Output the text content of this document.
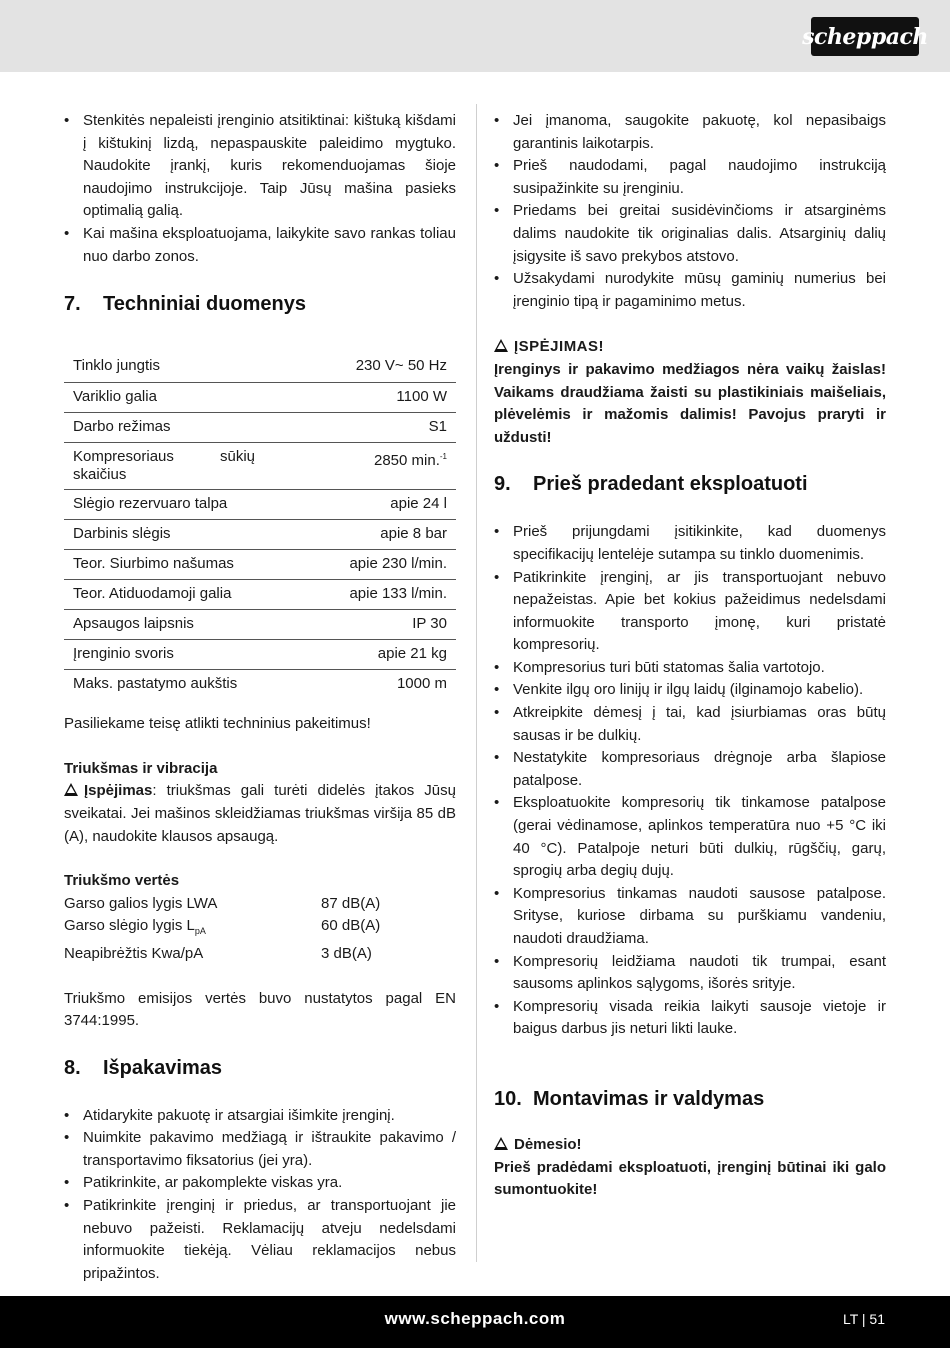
scheppach
• Stenkitės nepaleisti įrenginio atsitiktinai: kištuką kišdami į kištukinį lizdą, nepaspauskite paleidimo mygtuko. Naudokite įrankį, kuris rekomenduojamas šioje naudojimo instrukcijoje. Taip Jūsų mašina pasieks optimalią galią.
• Kai mašina eksploatuojama, laikykite savo rankas toliau nuo darbo zonos.
7.	Techniniai duomenys
Tinklo jungtis	230 V~ 50 Hz
Variklio galia	1100 W
Darbo režimas	S1
Kompresoriaus sūkių skaičius	2850 min.$^{-1}$
Slėgio rezervuaro talpa	apie 24 l
Darbinis slėgis	apie 8 bar
Teor. Siurbimo našumas	apie 230 l/min.
Teor. Atiduodamoji galia	apie 133 l/min.
Apsaugos laipsnis	IP 30
Įrenginio svoris	apie 21 kg
Maks. pastatymo aukštis	1000 m

Pasiliekame teisę atlikti techninius pakeitimus!

Triukšmas ir vibracija

Įspėjimas: triukšmas gali turėti didelės įtakos Jūsų sveikatai. Jei mašinos skleidžiamas triukšmas viršija 85 dB (A), naudokite klausos apsaugą.

Triukšmo vertės

Garso galios lygis LWA	87 dB(A)
Garso slėgio lygis $L_{pA}$	60 dB(A)
Neapibrėžtis Kwa/pA	3 dB(A)

Triukšmo emisijos vertės buvo nustatytos pagal EN 3744:1995.

8.	Išpakavimas
• Atidarykite pakuotę ir atsargiai išimkite įrenginį.
• Nuimkite pakavimo medžiagą ir ištraukite pakavimo / transportavimo fiksatorius (jei yra).
• Patikrinkite, ar pakomplekte viskas yra.
• Patikrinkite įrenginį ir priedus, ar transportuojant jie nebuvo pažeisti. Reklamacijų atveju nedelsdami informuokite tiekėją. Vėliau reklamacijos nebus pripažintos.
• Jei įmanoma, saugokite pakuotę, kol nepasibaigs garantinis laikotarpis.
• Prieš naudodami, pagal naudojimo instrukciją susipažinkite su įrenginiu.
• Priedams bei greitai susidėvinčioms ir atsarginėms dalims naudokite tik originalias dalis. Atsarginių dalių įsigysite iš savo prekybos atstovo.
• Užsakydami nurodykite mūsų gaminių numerius bei įrenginio tipą ir pagaminimo metus.

ĮSPĖJIMAS!

Įrenginys ir pakavimo medžiagos nėra vaikų žaislas! Vaikams draudžiama žaisti su plastikiniais maišeliais, plėvelėmis ir mažomis dalimis! Pavojus praryti ir uždusti!

9.	Prieš pradedant eksploatuoti
• Prieš prijungdami įsitikinkite, kad duomenys specifikacijų lentelėje sutampa su tinklo duomenimis.
• Patikrinkite įrenginį, ar jis transportuojant nebuvo nepažeistas. Apie bet kokius pažeidimus nedelsdami informuokite transporto įmonę, kuri pristatė kompresorių.
• Kompresorius turi būti statomas šalia vartotojo.
• Venkite ilgų oro linijų ir ilgų laidų (ilginamojo kabelio).
• Atkreipkite dėmesį į tai, kad įsiurbiamas oras būtų sausas ir be dulkių.
• Nestatykite kompresoriaus drėgnoje arba šlapiose patalpose.
• Eksploatuokite kompresorių tik tinkamose patalpose (gerai vėdinamose, aplinkos temperatūra nuo +5 °C iki 40 °C). Patalpoje neturi būti dulkių, rūgščių, garų, sprogių arba degių dujų.
• Kompresorius tinkamas naudoti sausose patalpose. Srityse, kuriose dirbama su purškiamu vandeniu, naudoti draudžiama.
• Kompresorių leidžiama naudoti tik trumpai, esant sausoms aplinkos sąlygoms, išorės srityje.
• Kompresorių visada reikia laikyti sausoje vietoje ir baigus darbus jis neturi likti lauke.
10. Montavimas ir valdymas

Dėmesio!

Prieš pradėdami eksploatuoti, įrenginį būtinai iki galo sumontuokite!

www.scheppach.com	LT | 51
